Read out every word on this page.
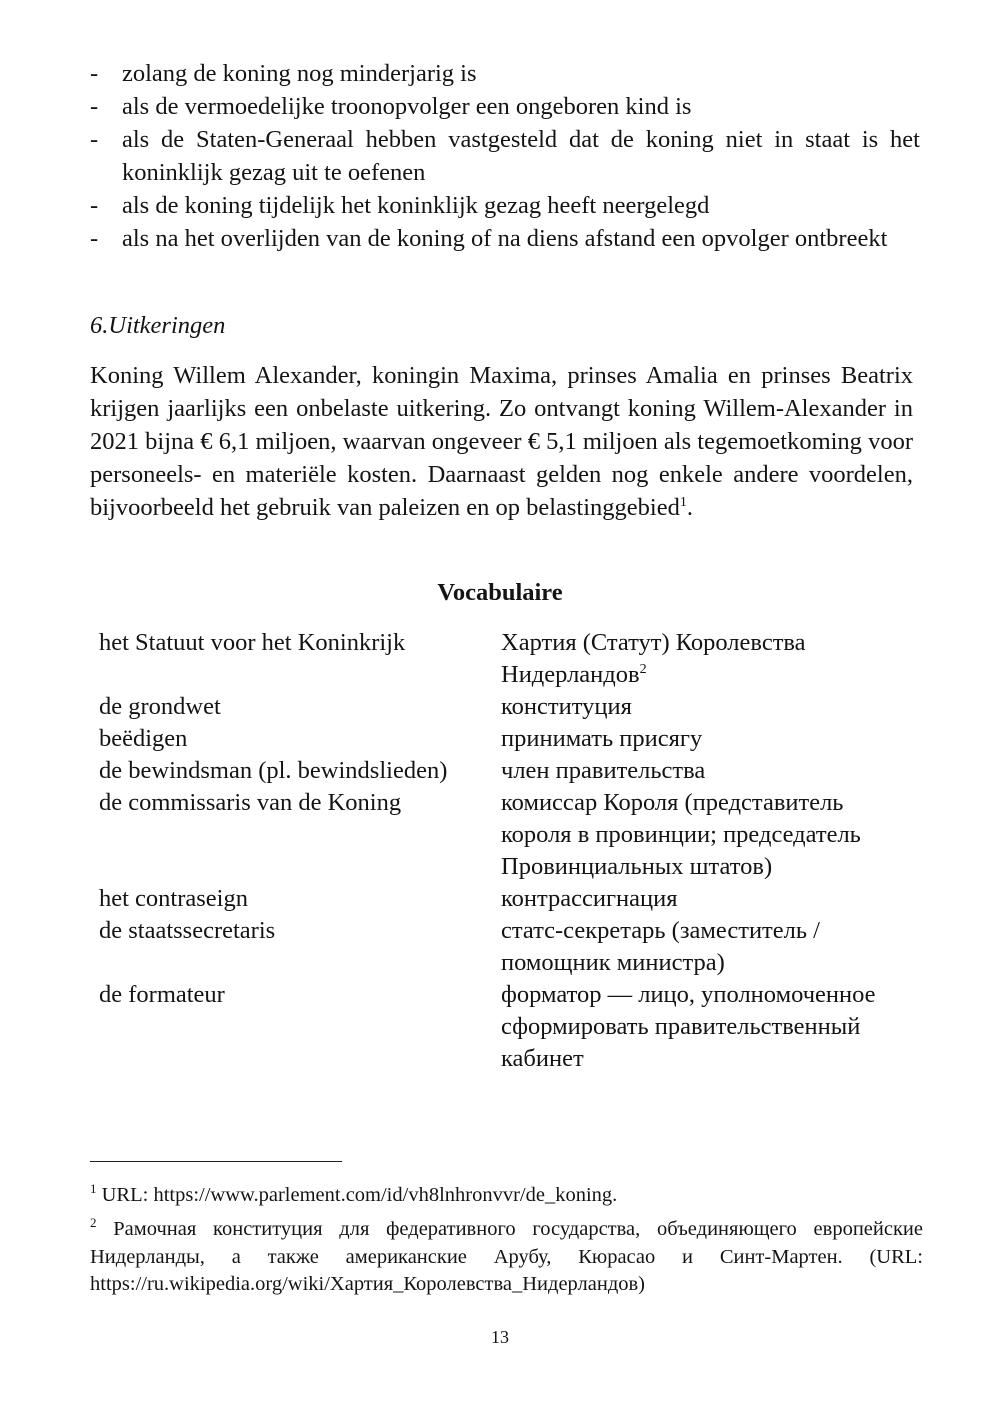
- zolang de koning nog minderjarig is
- als de vermoedelijke troonopvolger een ongeboren kind is
- als de Staten-Generaal hebben vastgesteld dat de koning niet in staat is het koninklijk gezag uit te oefenen
- als de koning tijdelijk het koninklijk gezag heeft neergelegd
- als na het overlijden van de koning of na diens afstand een opvolger ontbreekt
6.Uitkeringen

Koning Willem Alexander, koningin Maxima, prinses Amalia en prinses Beatrix krijgen jaarlijks een onbelaste uitkering. Zo ontvangt koning Willem-Alexander in 2021 bijna € 6,1 miljoen, waarvan ongeveer € 5,1 miljoen als tegemoetkoming voor personeels- en materiële kosten. Daarnaast gelden nog enkele andere voordelen, bijvoorbeeld het gebruik van paleizen en op belastinggebied$^1$.

Vocabulaire
het Statuut voor het Koninkrijk	Хартия (Статут) Королевства Нидерландов$^2$
de grondwet	конституция
beëdigen	принимать присягу
de bewindsman (pl. bewindslieden)	член правительства
de commissaris van de Koning	комиссар Короля (представитель короля в провинции; председатель Провинциальных штатов)
het contraseign	контрассигнация
de staatssecretaris	статс-секретарь (заместитель / помощник министра)
de formateur	форматор — лицо, уполномоченное сформировать правительственный кабинет

$^1$ URL: https://www.parlement.com/id/vh8lnhronvvr/de_koning.

$^2$ Рамочная конституция для федеративного государства, объединяющего европейские Нидерланды, а также американские Арубу, Кюрасао и Синт-Мартен. (URL: https://ru.wikipedia.org/wiki/Хартия_Королевства_Нидерландов)

13
